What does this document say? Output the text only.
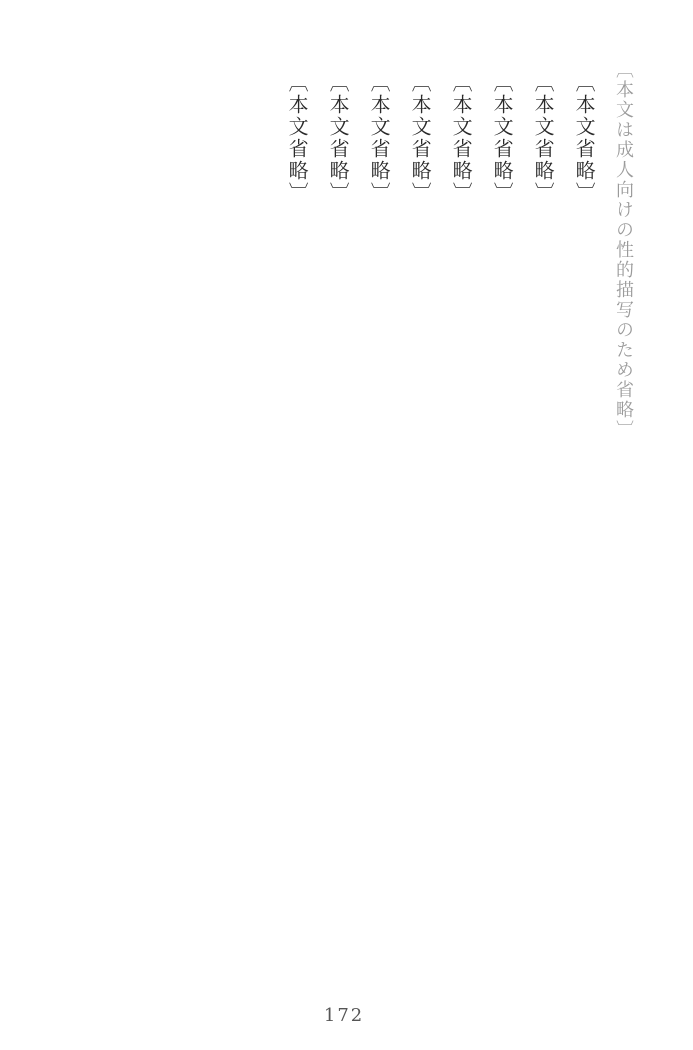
〔本文は成人向けの性的描写のため省略〕

〔本文省略〕

〔本文省略〕

〔本文省略〕

〔本文省略〕

〔本文省略〕

〔本文省略〕

〔本文省略〕

〔本文省略〕

172
